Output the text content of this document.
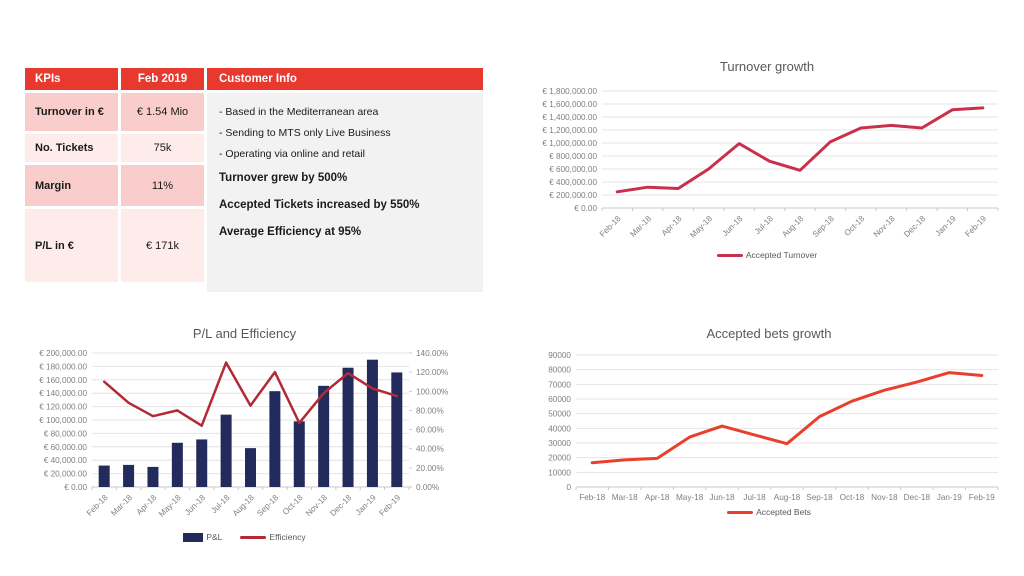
KPIs
Turnover in €
No. Tickets
Margin
P/L in €
Feb 2019
€ 1.54 Mio
75k
11%
€ 171k
Customer Info
- Based in the Mediterranean area
- Sending to MTS only Live Business
- Operating via online and retail
Turnover grew by 500%
Accepted Tickets increased by 550%
Average Efficiency at 95%
Turnover growth
€ 0.00
€ 200,000.00
€ 400,000.00
€ 600,000.00
€ 800,000.00
€ 1,000,000.00
€ 1,200,000.00
€ 1,400,000.00
€ 1,600,000.00
€ 1,800,000.00
Feb-18 Mar-18 Apr-18 May-18 Jun-18 Jul-18 Aug-18 Sep-18 Oct-18 Nov-18 Dec-18 Jan-19 Feb-19
Accepted Turnover
P/L and Efficiency
€ 0.00
€ 20,000.00
€ 40,000.00
€ 60,000.00
€ 80,000.00
€ 100,000.00
€ 120,000.00
€ 140,000.00
€ 160,000.00
€ 180,000.00
€ 200,000.00
0.00%
20.00%
40.00%
60.00%
80.00%
100.00%
120.00%
140.00%
Feb-18 Mar-18 Apr-18
May-18 Jun-18 Jul-18 Aug-18 Sep-18 Oct-18 Nov-18 Dec-18 Jan-19 Feb-19
P&L	Efficiency
Accepted bets growth
0
10000
20000
30000
40000
50000
60000
70000
80000
90000
Feb-18 Mar-18 Apr-18 May-18 Jun-18 Jul-18 Aug-18 Sep-18 Oct-18 Nov-18 Dec-18 Jan-19 Feb-19
Accepted Bets
